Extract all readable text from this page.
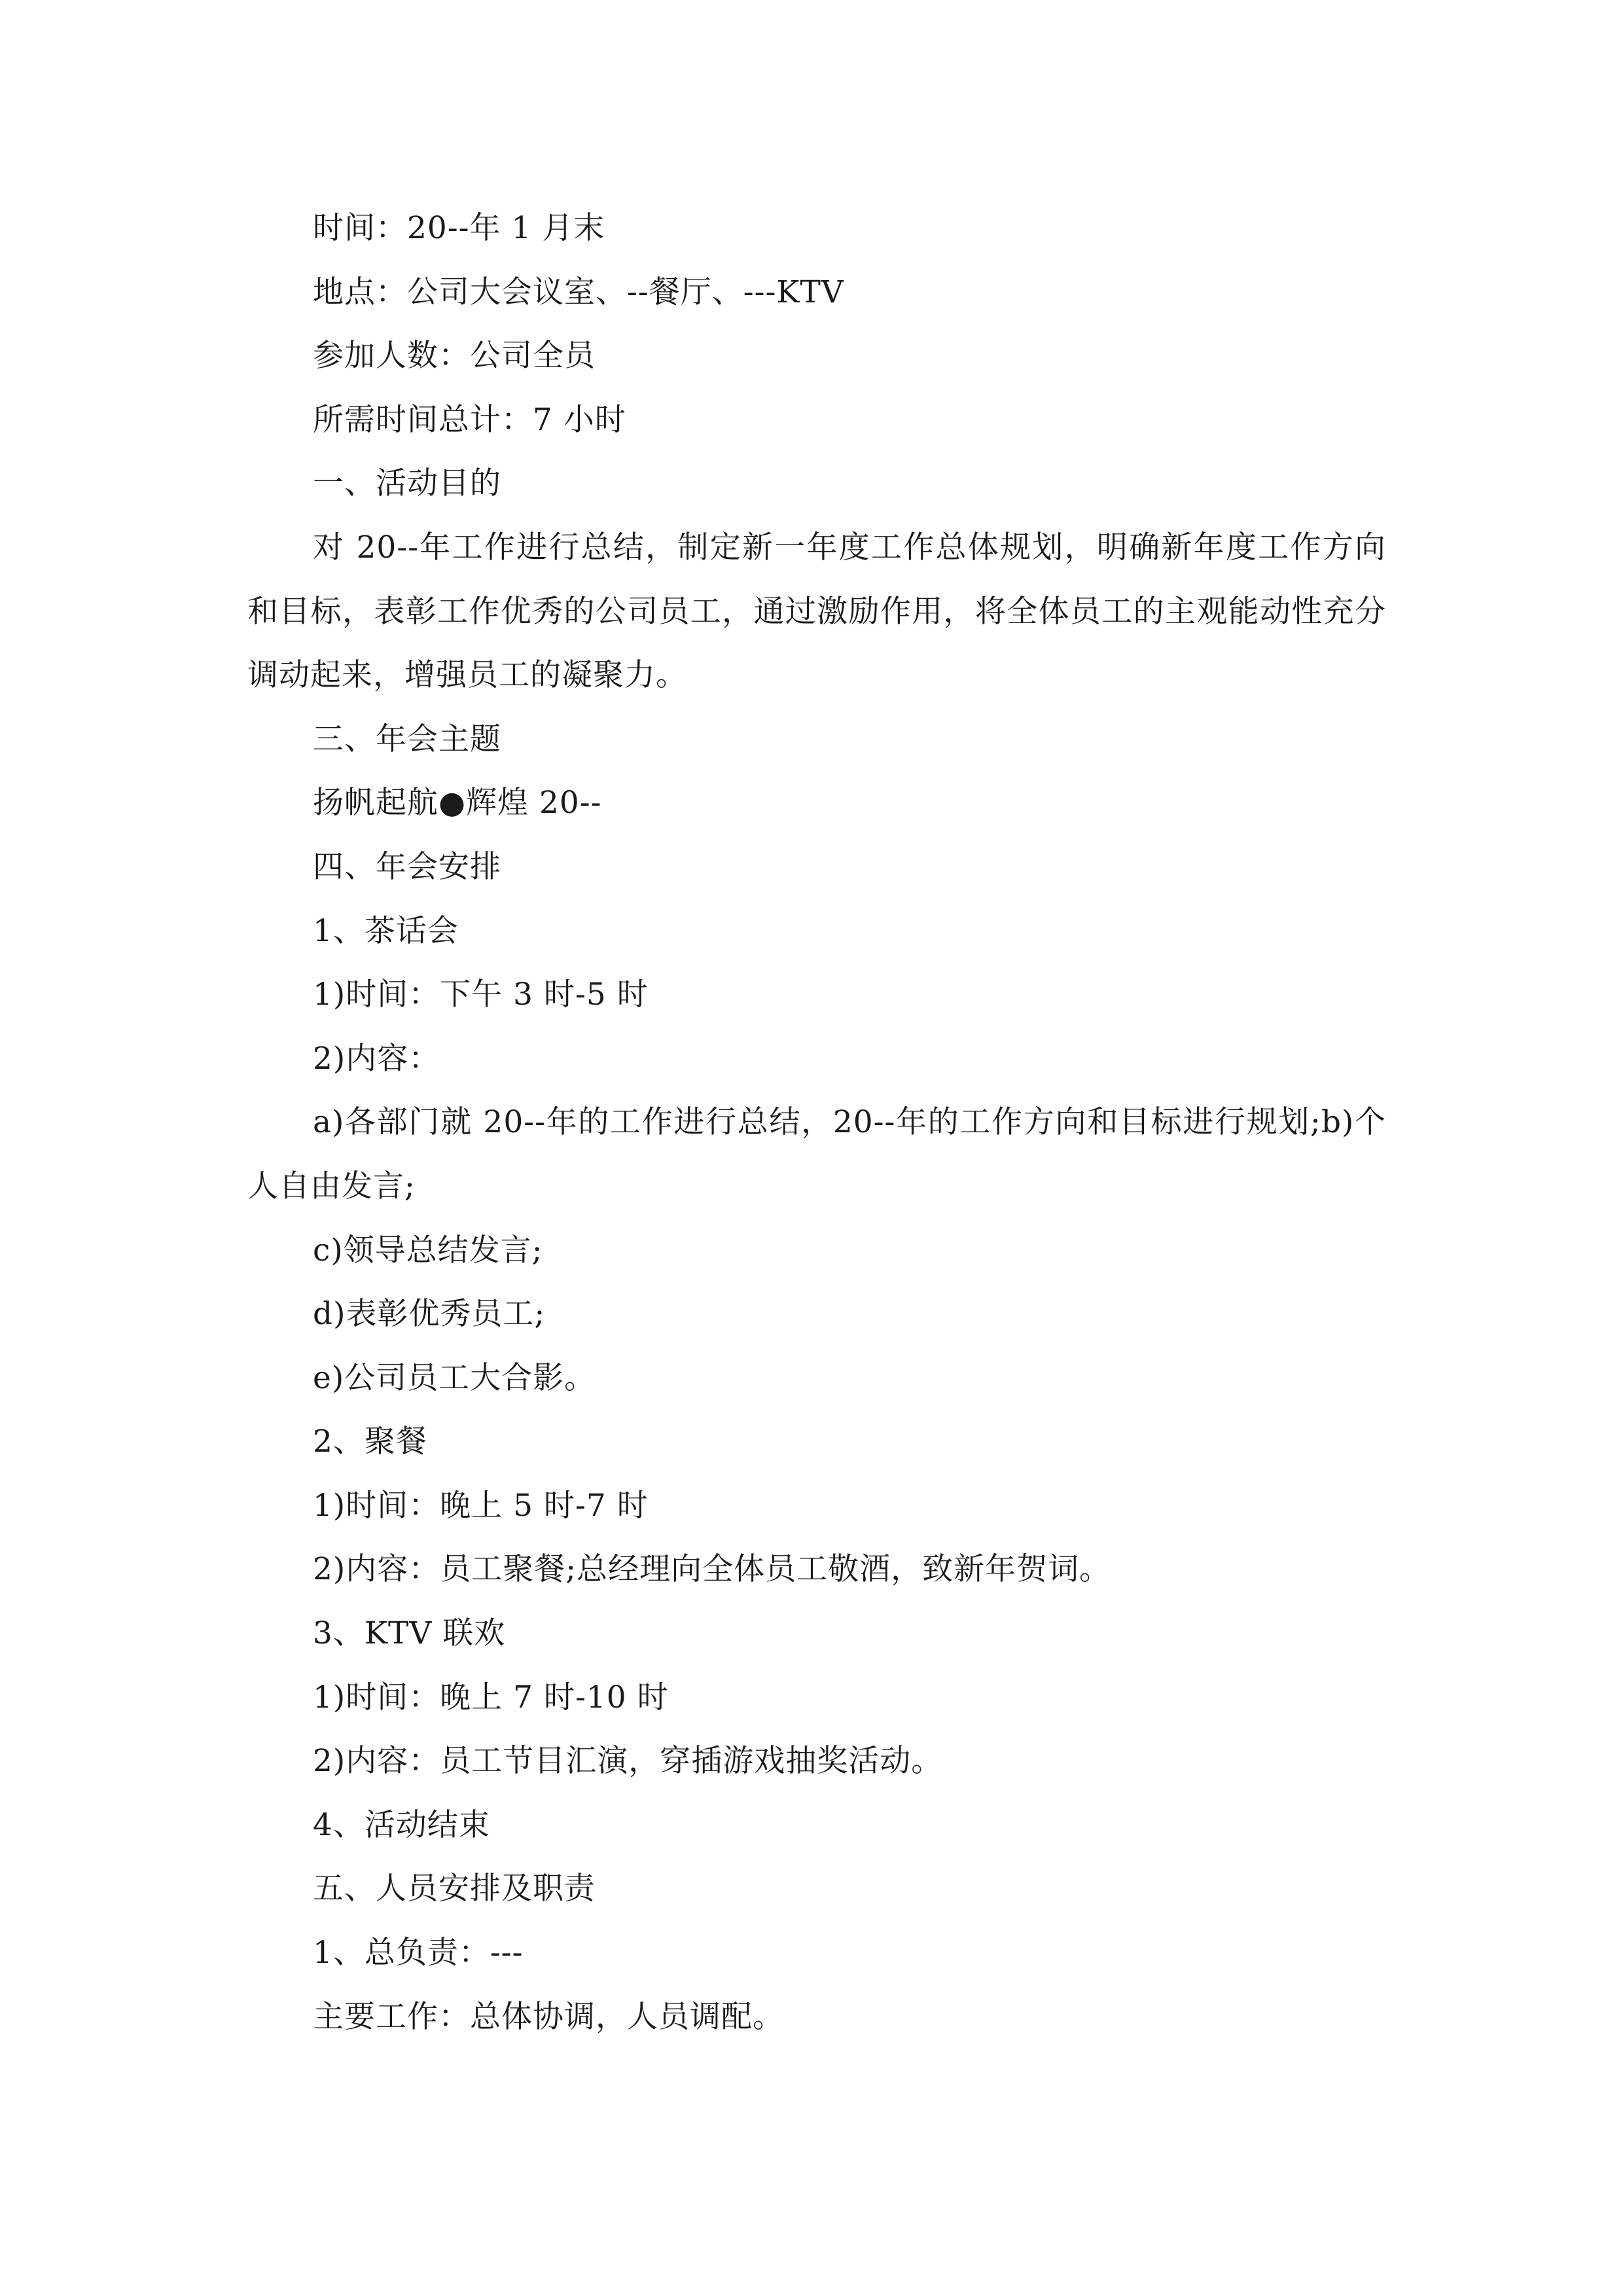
时间：20--年 1 月末
地点：公司大会议室、--餐厅、---KTV
参加人数：公司全员
所需时间总计：7 小时
一、活动目的
对 20--年工作进行总结，制定新一年度工作总体规划，明确新年度工作方向和目标，表彰工作优秀的公司员工，通过激励作用，将全体员工的主观能动性充分调动起来，增强员工的凝聚力。
三、年会主题
扬帆起航●辉煌 20--
四、年会安排
1、茶话会
1)时间：下午 3 时-5 时
2)内容：
a)各部门就 20--年的工作进行总结，20--年的工作方向和目标进行规划;b)个人自由发言;
c)领导总结发言;
d)表彰优秀员工;
e)公司员工大合影。
2、聚餐
1)时间：晚上 5 时-7 时
2)内容：员工聚餐;总经理向全体员工敬酒，致新年贺词。
3、KTV 联欢
1)时间：晚上 7 时-10 时
2)内容：员工节目汇演，穿插游戏抽奖活动。
4、活动结束
五、人员安排及职责
1、总负责：---
主要工作：总体协调，人员调配。
